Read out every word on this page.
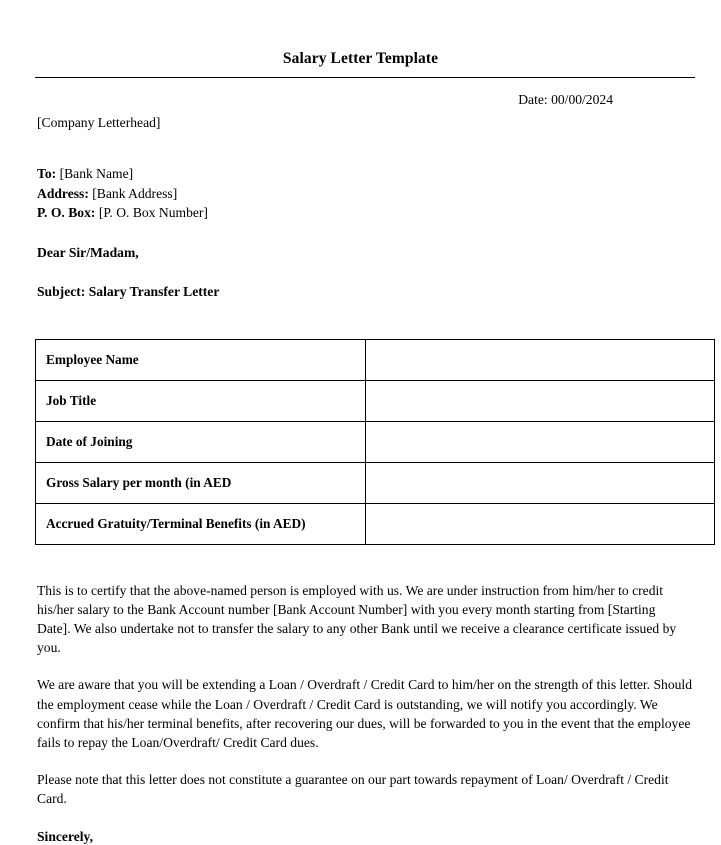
Salary Letter Template
Date: 00/00/2024
[Company Letterhead]
To: [Bank Name]
Address: [Bank Address]
P. O. Box: [P. O. Box Number]
Dear Sir/Madam,
Subject: Salary Transfer Letter
Employee Name	
Job Title	
Date of Joining	
Gross Salary per month (in AED	
Accrued Gratuity/Terminal Benefits (in AED)	

This is to certify that the above-named person is employed with us. We are under instruction from him/her to credit his/her salary to the Bank Account number [Bank Account Number] with you every month starting from [Starting Date]. We also undertake not to transfer the salary to any other Bank until we receive a clearance certificate issued by you.

We are aware that you will be extending a Loan / Overdraft / Credit Card to him/her on the strength of this letter. Should the employment cease while the Loan / Overdraft / Credit Card is outstanding, we will notify you accordingly. We confirm that his/her terminal benefits, after recovering our dues, will be forwarded to you in the event that the employee fails to repay the Loan/Overdraft/ Credit Card dues.

Please note that this letter does not constitute a guarantee on our part towards repayment of Loan/ Overdraft / Credit Card.

Sincerely,
